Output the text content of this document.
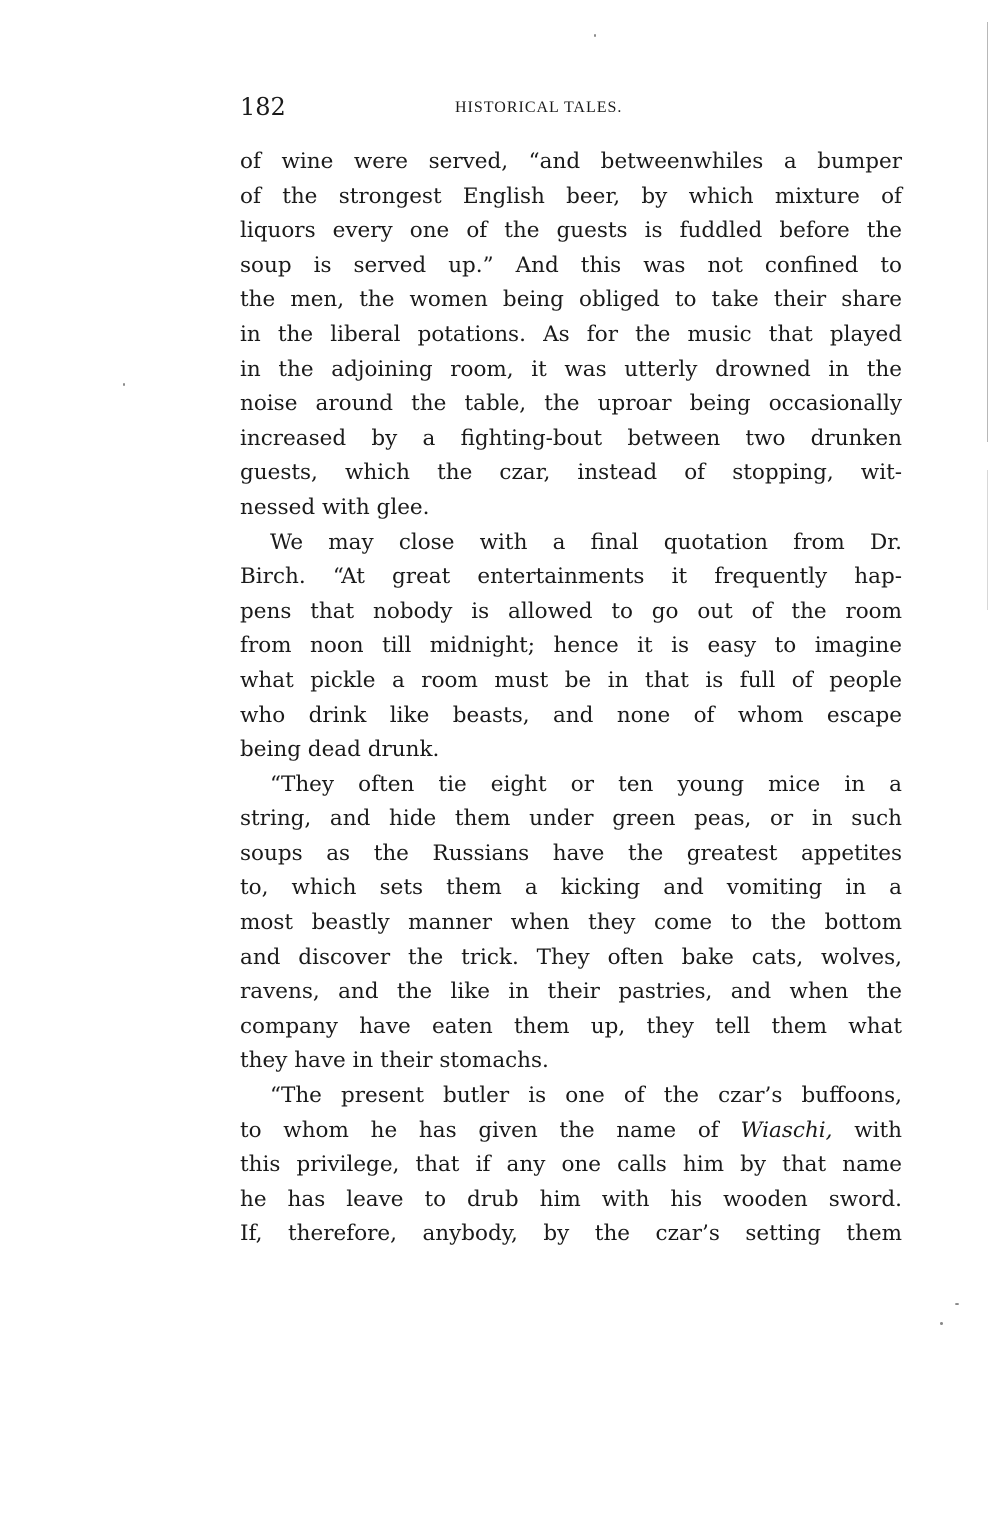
182	HISTORICAL TALES.
of wine were served, “and betweenwhiles a bumper
of the strongest English beer, by which mixture of
liquors every one of the guests is fuddled before the
soup is served up.” And this was not confined to
the men, the women being obliged to take their share
in the liberal potations. As for the music that played
in the adjoining room, it was utterly drowned in the
noise around the table, the uproar being occasionally
increased by a fighting-bout between two drunken
guests, which the czar, instead of stopping, wit-
nessed with glee.
We may close with a final quotation from Dr.
Birch. “At great entertainments it frequently hap-
pens that nobody is allowed to go out of the room
from noon till midnight; hence it is easy to imagine
what pickle a room must be in that is full of people
who drink like beasts, and none of whom escape
being dead drunk.
“They often tie eight or ten young mice in a
string, and hide them under green peas, or in such
soups as the Russians have the greatest appetites
to, which sets them a kicking and vomiting in a
most beastly manner when they come to the bottom
and discover the trick. They often bake cats, wolves,
ravens, and the like in their pastries, and when the
company have eaten them up, they tell them what
they have in their stomachs.
“The present butler is one of the czar’s buffoons,
to whom he has given the name of Wiaschi, with
this privilege, that if any one calls him by that name
he has leave to drub him with his wooden sword.
If, therefore, anybody, by the czar’s setting them
